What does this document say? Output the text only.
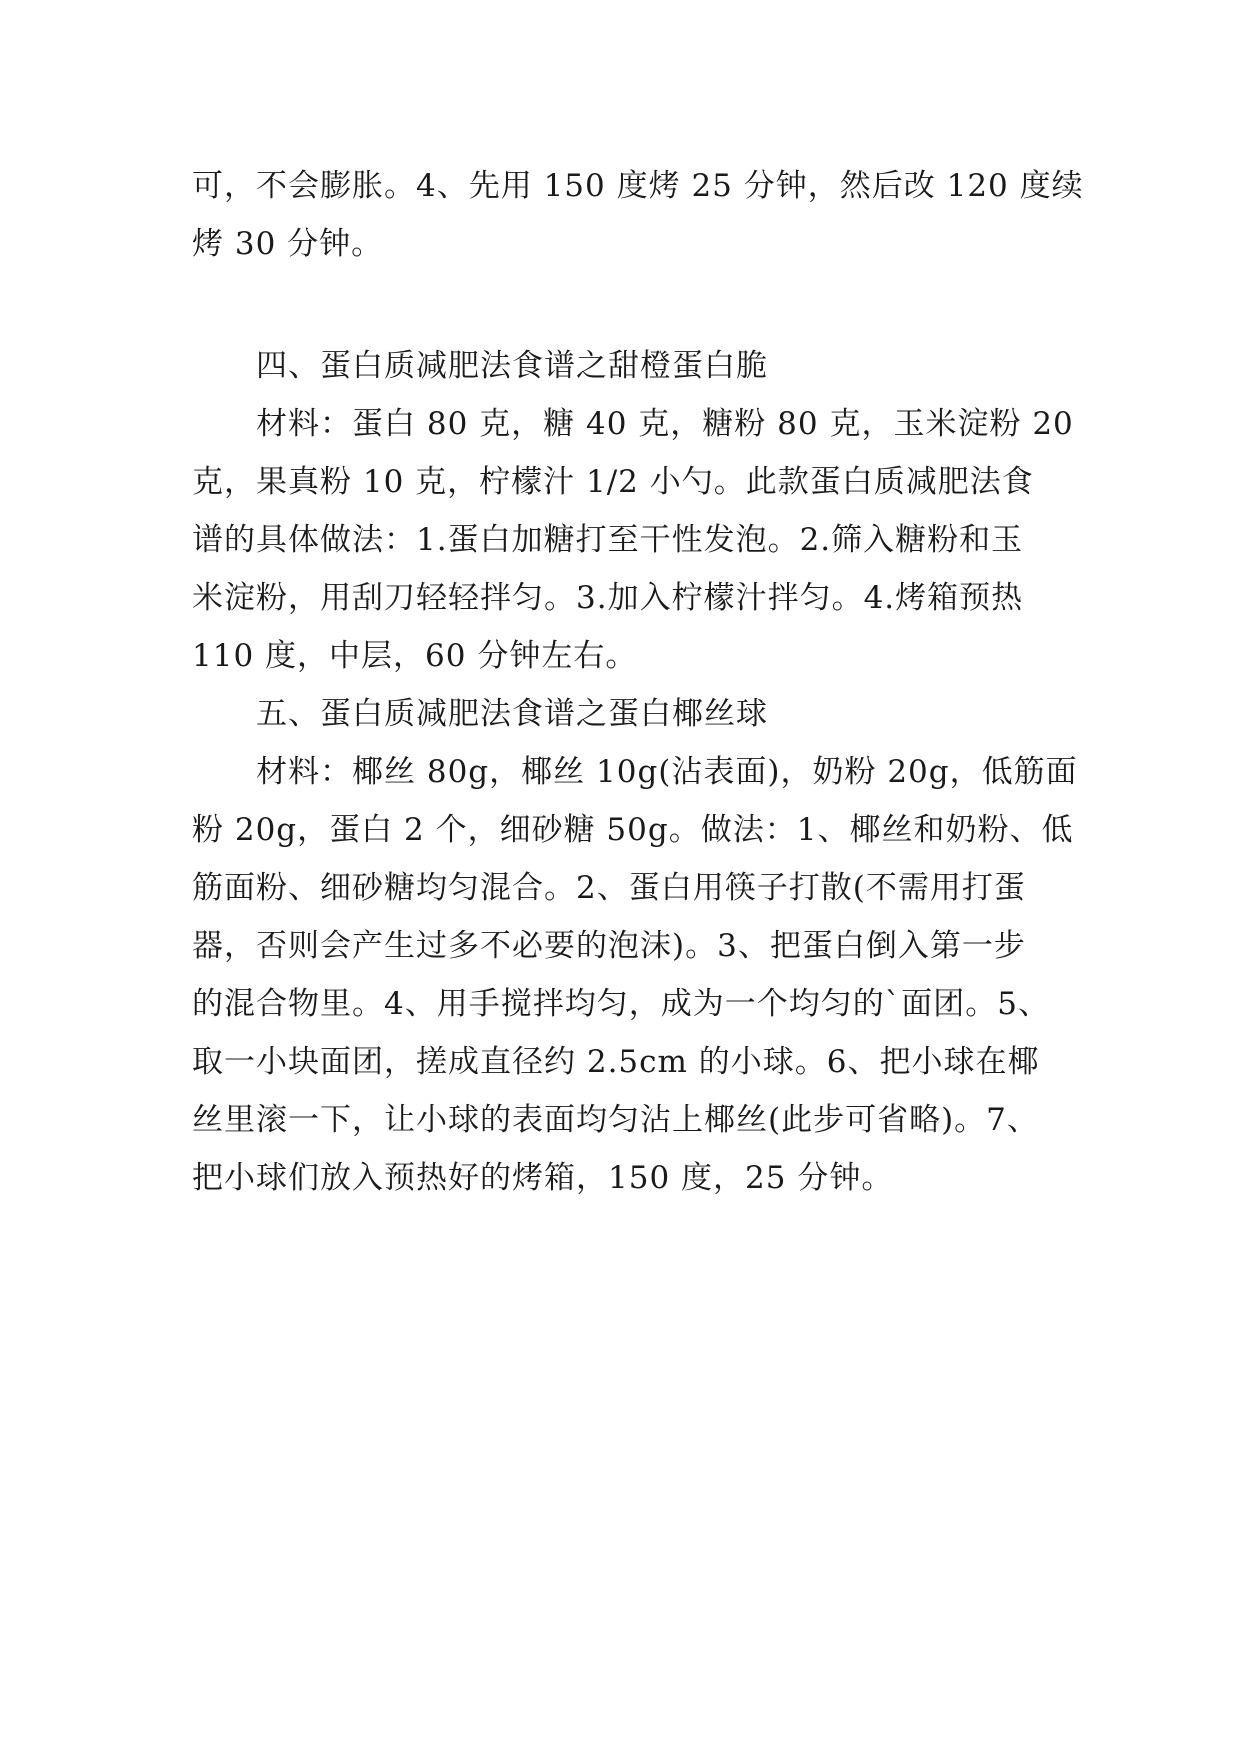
可，不会膨胀。4、先用 150 度烤 25 分钟，然后改 120 度续
烤 30 分钟。
四、蛋白质减肥法食谱之甜橙蛋白脆
材料：蛋白 80 克，糖 40 克，糖粉 80 克，玉米淀粉 20
克，果真粉 10 克，柠檬汁 1/2 小勺。此款蛋白质减肥法食
谱的具体做法：1.蛋白加糖打至干性发泡。2.筛入糖粉和玉
米淀粉，用刮刀轻轻拌匀。3.加入柠檬汁拌匀。4.烤箱预热
110 度，中层，60 分钟左右。
五、蛋白质减肥法食谱之蛋白椰丝球
材料：椰丝 80g，椰丝 10g(沾表面)，奶粉 20g，低筋面
粉 20g，蛋白 2 个，细砂糖 50g。做法：1、椰丝和奶粉、低
筋面粉、细砂糖均匀混合。2、蛋白用筷子打散(不需用打蛋
器，否则会产生过多不必要的泡沫)。3、把蛋白倒入第一步
的混合物里。4、用手搅拌均匀，成为一个均匀的`面团。5、
取一小块面团，搓成直径约 2.5cm 的小球。6、把小球在椰
丝里滚一下，让小球的表面均匀沾上椰丝(此步可省略)。7、
把小球们放入预热好的烤箱，150 度，25 分钟。
